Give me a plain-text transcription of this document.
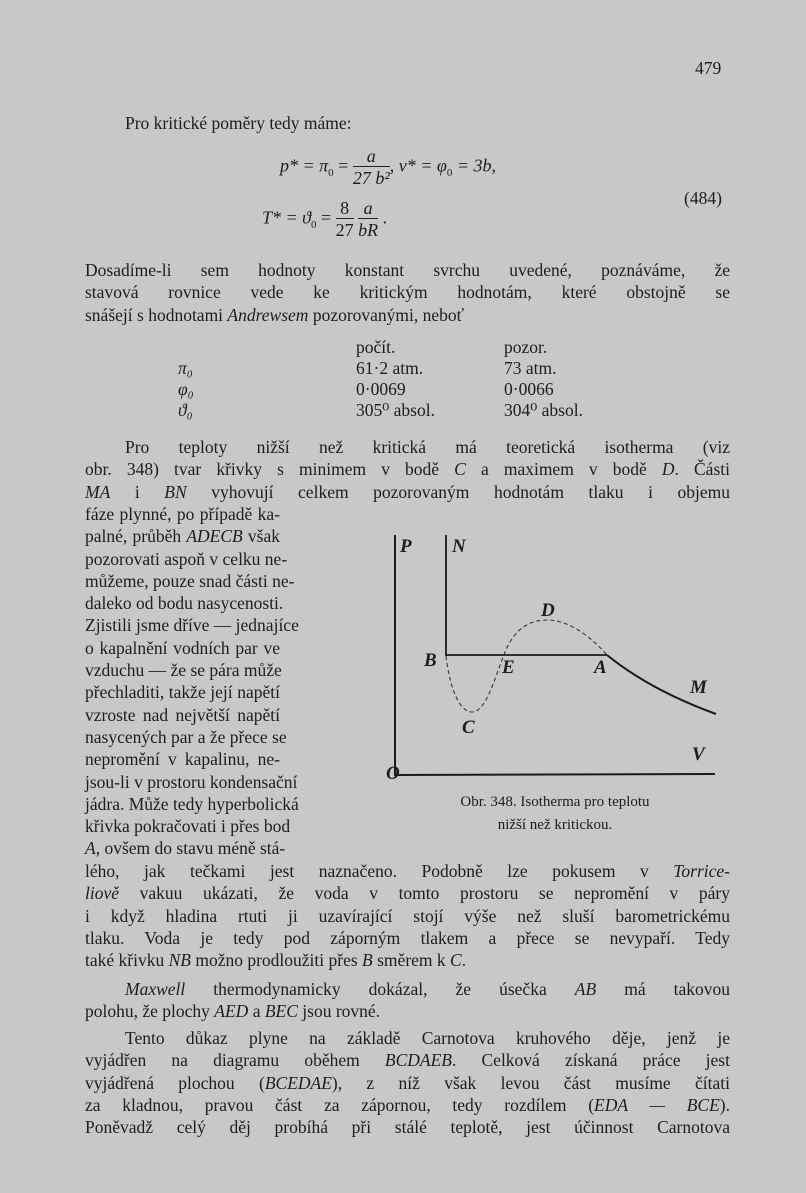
479
Pro kritické poměry tedy máme:
$p* = \pi_0 = \frac{a}{\text{27 b²}}$ , $v* = \varphi_0 = 3b$,
$T* = ϑ_0 = \frac{8}{27}$
$\frac{a}{bR}$ .
(484)
Dosadíme-li sem hodnoty konstant svrchu uvedené, poznáváme, že
stavová rovnice vede ke kritickým hodnotám, které obstojně se
snášejí s hodnotami Andrewsem pozorovanými, neboť
	počít.	pozor.
π₀	61·2 atm.	73 atm.
φ₀	0·0069	0·0066
ϑ₀	305⁰ absol.	304⁰ absol.
Pro teploty nižší než kritická má teoretická isotherma (viz
obr. 348) tvar křivky s minimem v bodě C a maximem v bodě D. Části
MA i BN vyhovují celkem pozorovaným hodnotám tlaku i objemu
fáze plynné, po případě ka-
palné, průběh ADECB však
pozorovati aspoň v celku ne-
můžeme, pouze snad části ne-
daleko od bodu nasycenosti.
Zjistili jsme dříve — jednajíce
o kapalnění vodních par ve
vzduchu — že se pára může
přechladiti, takže její napětí
vzroste nad největší napětí
nasycených par a že přece se
nepromění v kapalinu, ne-
jsou-li v prostoru kondensační
jádra. Může tedy hyperbolická
křivka pokračovati i přes bod
A, ovšem do stavu méně stá-
lého, jak tečkami jest naznačeno. Podobně lze pokusem v Torrice-
liově vakuu ukázati, že voda v tomto prostoru se nepromění v páry
i když hladina rtuti ji uzavírající stojí výše než sluší barometrickému
tlaku. Voda je tedy pod záporným tlakem a přece se nevypaří. Tedy
také křivku NB možno prodloužiti přes B směrem k C.
Maxwell thermodynamicky dokázal, že úsečka AB má takovou
polohu, že plochy AED a BEC jsou rovné.
Tento důkaz plyne na základě Carnotova kruhového děje, jenž je
vyjádřen na diagramu oběhem BCDAEB. Celková získaná práce jest
vyjádřená plochou (BCEDAE), z níž však levou část musíme čítati
za kladnou, pravou část za zápornou, tedy rozdílem (EDA — BCE).
Poněvadž celý děj probíhá při stálé teplotě, jest účinnost Carnotova
P N
D
B	E	A
M
C
V
O
Obr. 348. Isotherma pro teplotu
nižší než kritickou.
